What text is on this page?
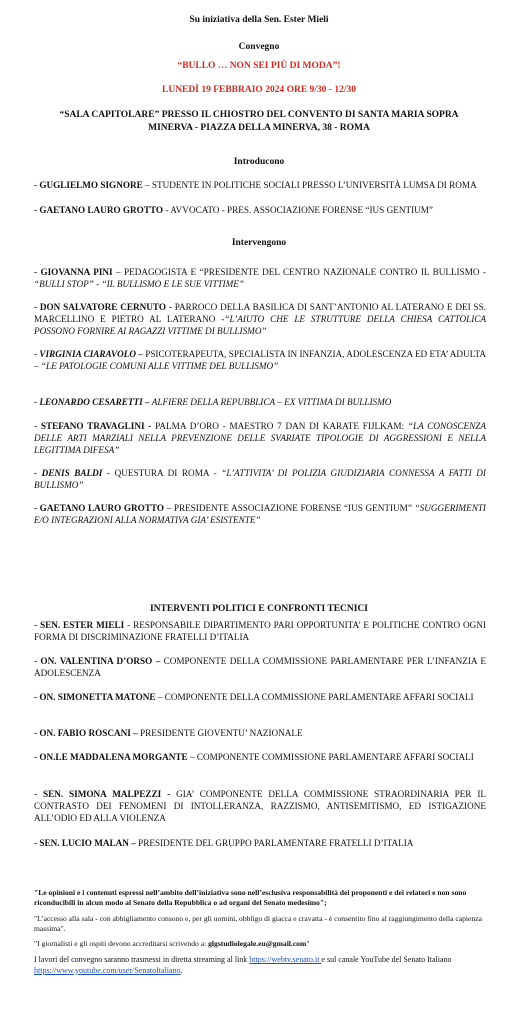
Su iniziativa della Sen. Ester Mieli
Convegno
“BULLO … NON SEI PIÙ DI MODA”!
LUNEDÌ 19 FEBBRAIO 2024 ORE 9/30 - 12/30
“SALA CAPITOLARE” PRESSO IL CHIOSTRO DEL CONVENTO DI SANTA MARIA SOPRA MINERVA - PIAZZA DELLA MINERVA, 38 - ROMA
Introducono
- GUGLIELMO SIGNORE – STUDENTE IN POLITICHE SOCIALI PRESSO L’UNIVERSITÀ LUMSA DI ROMA
- GAETANO LAURO GROTTO - AVVOCATO - PRES. ASSOCIAZIONE FORENSE “IUS GENTIUM”
Intervengono
- GIOVANNA PINI – PEDAGOGISTA E “PRESIDENTE DEL CENTRO NAZIONALE CONTRO IL BULLISMO - “BULLI STOP” - “IL BULLISMO E LE SUE VITTIME”
- DON SALVATORE CERNUTO - PARROCO DELLA BASILICA DI SANT’ANTONIO AL LATERANO E DEI SS. MARCELLINO E PIETRO AL LATERANO -“L’AIUTO CHE LE STRUTTURE DELLA CHIESA CATTOLICA POSSONO FORNIRE AI RAGAZZI VITTIME DI BULLISMO”
- VIRGINIA CIARAVOLO – PSICOTERAPEUTA, SPECIALISTA IN INFANZIA, ADOLESCENZA ED ETA’ ADULTA – “LE PATOLOGIE COMUNI ALLE VITTIME DEL BULLISMO”
- LEONARDO CESARETTI – ALFIERE DELLA REPUBBLICA – EX VITTIMA DI BULLISMO
- STEFANO TRAVAGLINI - PALMA D’ORO - MAESTRO 7 DAN DI KARATE FIJLKAM: “LA CONOSCENZA DELLE ARTI MARZIALI NELLA PREVENZIONE DELLE SVARIATE TIPOLOGIE DI AGGRESSIONI E NELLA LEGITTIMA DIFESA”
- DENIS BALDI - QUESTURA DI ROMA - “L’ATTIVITA’ DI POLIZIA GIUDIZIARIA CONNESSA A FATTI DI BULLISMO”
- GAETANO LAURO GROTTO – PRESIDENTE ASSOCIAZIONE FORENSE “IUS GENTIUM” “SUGGERIMENTI E/O INTEGRAZIONI ALLA NORMATIVA GIA’ ESISTENTE”
INTERVENTI POLITICI E CONFRONTI TECNICI
- SEN. ESTER MIELI - RESPONSABILE DIPARTIMENTO PARI OPPORTUNITA’ E POLITICHE CONTRO OGNI FORMA DI DISCRIMINAZIONE FRATELLI D’ITALIA
- ON. VALENTINA D’ORSO – COMPONENTE DELLA COMMISSIONE PARLAMENTARE PER L’INFANZIA E ADOLESCENZA
- ON. SIMONETTA MATONE – COMPONENTE DELLA COMMISSIONE PARLAMENTARE AFFARI SOCIALI
- ON. FABIO ROSCANI – PRESIDENTE GIOVENTU’ NAZIONALE
- ON.LE MADDALENA MORGANTE – COMPONENTE COMMISSIONE PARLAMENTARE AFFARI SOCIALI
- SEN. SIMONA MALPEZZI - GIA’ COMPONENTE DELLA COMMISSIONE STRAORDINARIA PER IL CONTRASTO DEI FENOMENI DI INTOLLERANZA, RAZZISMO, ANTISEMITISMO, ED ISTIGAZIONE ALL’ODIO ED ALLA VIOLENZA
- SEN. LUCIO MALAN – PRESIDENTE DEL GRUPPO PARLAMENTARE FRATELLI D’ITALIA

"Le opinioni e i contenuti espressi nell’ambito dell’iniziativa sono nell’esclusiva responsabilità dei proponenti e dei relatori e non sono riconducibili in alcun modo al Senato della Repubblica o ad organi del Senato medesimo";

"L’accesso alla sala - con abbigliamento consono e, per gli uomini, obbligo di giacca e cravatta - è consentito fino al raggiungimento della capienza massima".

"I giornalisti e gli ospiti devono accreditarsi scrivendo a: glgstudiolegale.eu@gmail.com"

I lavori del convegno saranno trasmessi in diretta streaming al link https://webtv.senato.it e sul canale YouTube del Senato Italiano https://www.youtube.com/user/SenatoItaliano.
